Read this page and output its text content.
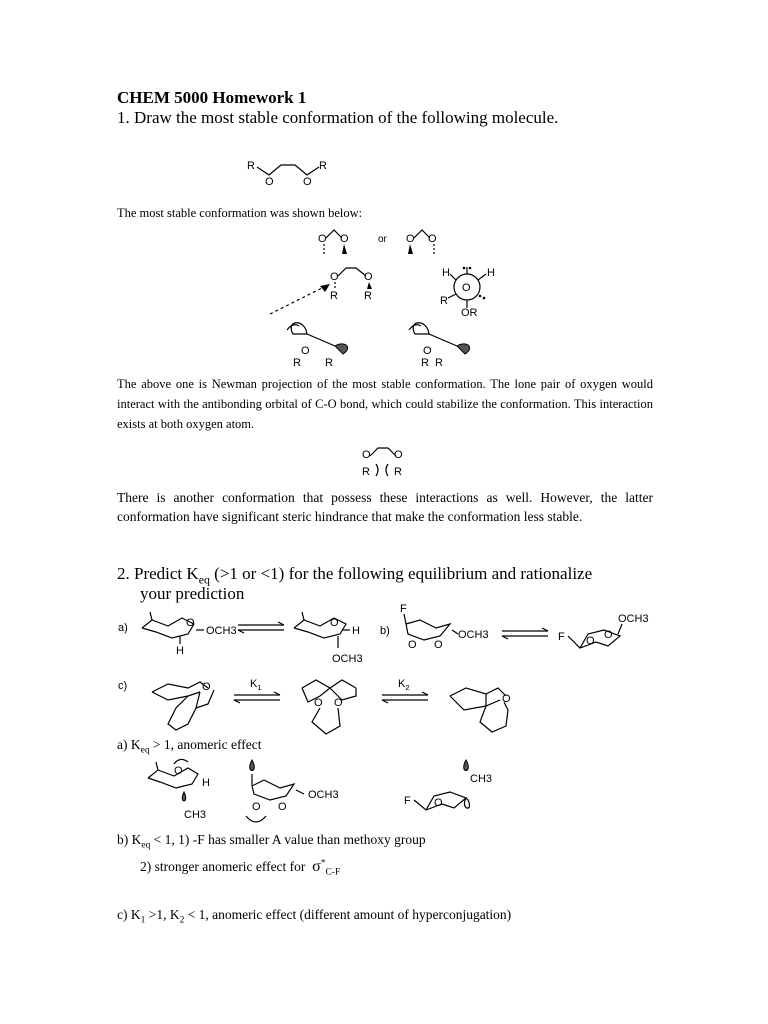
CHEM 5000 Homework 1
1. Draw the most stable conformation of the following molecule.
R
O	O
R
The most stable conformation was shown below:
O O	or O O
O O
R R
O
H	H
R
OR
O
R R
O
R R
The above one is Newman projection of the most stable conformation. The lone pair of oxygen would interact with the antibonding orbital of C-O bond, which could stabilize the conformation. This interaction exists at both oxygen atom.
O O
R R
There is another conformation that possess these interactions as well. However, the latter conformation have significant steric hindrance that make the conformation less stable.
2. Predict $K_{eq}$ (>1 or <1) for the following equilibrium and rationalize
your prediction
a)	O
OCH3
H
O
H
OCH3
b)
F
O O
OCH3 ⇌
OCH3
F O O
c)	O	$K_1$
O O
$K_2$
O
a) $K_{eq} > 1$, anomeric effect
O
H
CH3
O O
OCH3
CH3
F O
b) $K_{eq} < 1$, 1) -F has smaller A value than methoxy group
2) stronger anomeric effect for $\sigma^*_{C-F}$
c) $K_1 >1$, $K_2 < 1$, anomeric effect (different amount of hyperconjugation)
